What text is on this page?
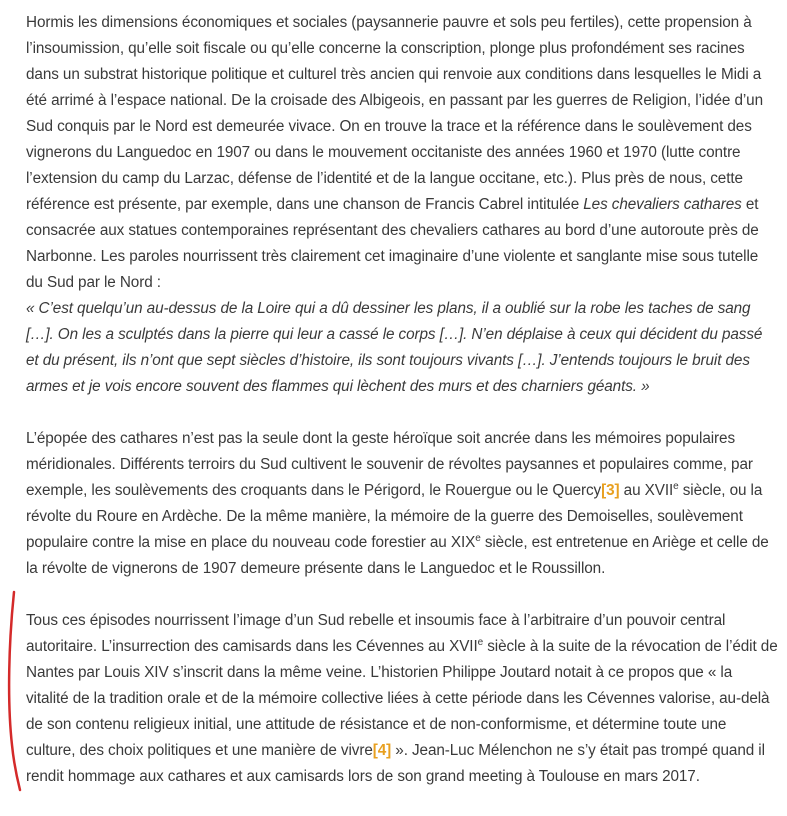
Hormis les dimensions économiques et sociales (paysannerie pauvre et sols peu fertiles), cette propension à l’insoumission, qu’elle soit fiscale ou qu’elle concerne la conscription, plonge plus profondément ses racines dans un substrat historique politique et culturel très ancien qui renvoie aux conditions dans lesquelles le Midi a été arrimé à l’espace national. De la croisade des Albigeois, en passant par les guerres de Religion, l’idée d’un Sud conquis par le Nord est demeurée vivace. On en trouve la trace et la référence dans le soulèvement des vignerons du Languedoc en 1907 ou dans le mouvement occitaniste des années 1960 et 1970 (lutte contre l’extension du camp du Larzac, défense de l’identité et de la langue occitane, etc.). Plus près de nous, cette référence est présente, par exemple, dans une chanson de Francis Cabrel intitulée Les chevaliers cathares et consacrée aux statues contemporaines représentant des chevaliers cathares au bord d’une autoroute près de Narbonne. Les paroles nourrissent très clairement cet imaginaire d’une violente et sanglante mise sous tutelle du Sud par le Nord :

« C’est quelqu’un au-dessus de la Loire qui a dû dessiner les plans, il a oublié sur la robe les taches de sang […]. On les a sculptés dans la pierre qui leur a cassé le corps […]. N’en déplaise à ceux qui décident du passé et du présent, ils n’ont que sept siècles d’histoire, ils sont toujours vivants […]. J’entends toujours le bruit des armes et je vois encore souvent des flammes qui lèchent des murs et des charniers géants. »

L’épopée des cathares n’est pas la seule dont la geste héroïque soit ancrée dans les mémoires populaires méridionales. Différents terroirs du Sud cultivent le souvenir de révoltes paysannes et populaires comme, par exemple, les soulèvements des croquants dans le Périgord, le Rouergue ou le Quercy[3] au XVIIe siècle, ou la révolte du Roure en Ardèche. De la même manière, la mémoire de la guerre des Demoiselles, soulèvement populaire contre la mise en place du nouveau code forestier au XIXe siècle, est entretenue en Ariège et celle de la révolte de vignerons de 1907 demeure présente dans le Languedoc et le Roussillon.

Tous ces épisodes nourrissent l’image d’un Sud rebelle et insoumis face à l’arbitraire d’un pouvoir central autoritaire. L’insurrection des camisards dans les Cévennes au XVIIe siècle à la suite de la révocation de l’édit de Nantes par Louis XIV s’inscrit dans la même veine. L’historien Philippe Joutard notait à ce propos que « la vitalité de la tradition orale et de la mémoire collective liées à cette période dans les Cévennes valorise, au-delà de son contenu religieux initial, une attitude de résistance et de non-conformisme, et détermine toute une culture, des choix politiques et une manière de vivre[4] ». Jean-Luc Mélenchon ne s’y était pas trompé quand il rendit hommage aux cathares et aux camisards lors de son grand meeting à Toulouse en mars 2017.
